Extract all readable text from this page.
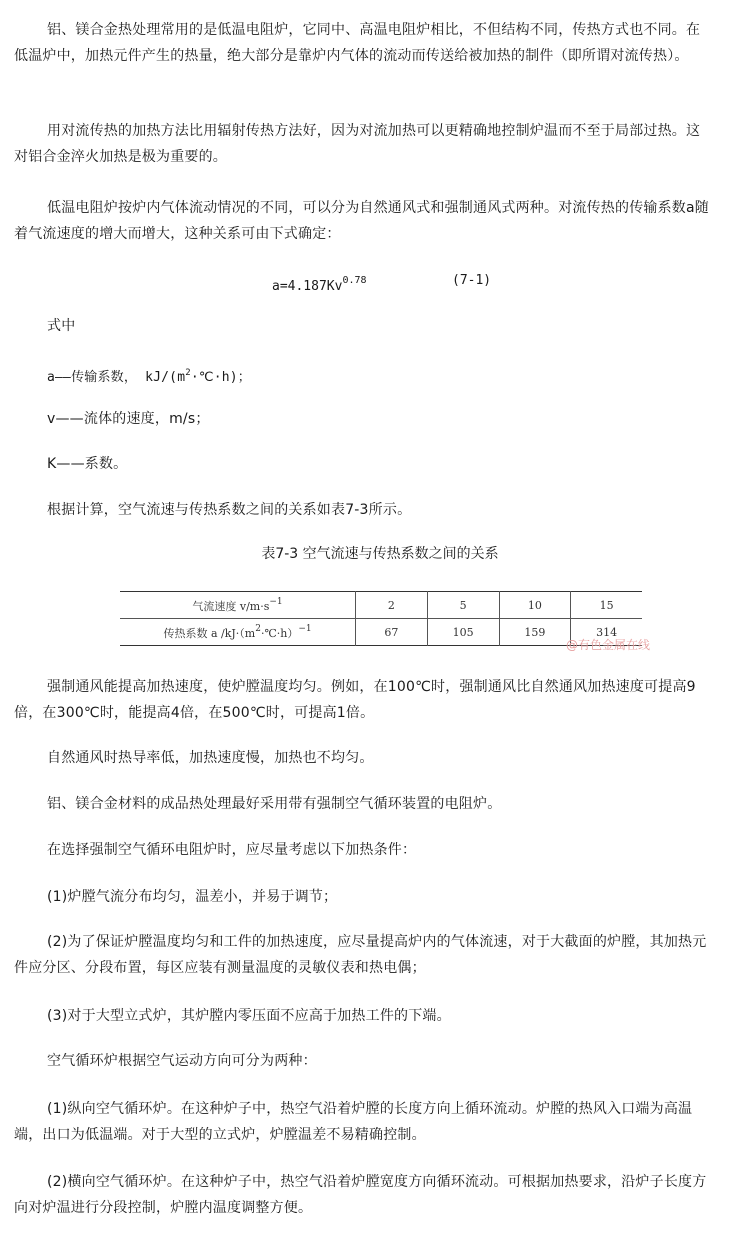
铝、镁合金热处理常用的是低温电阻炉，它同中、高温电阻炉相比，不但结构不同，传热方式也不同。在低温炉中，加热元件产生的热量，绝大部分是靠炉内气体的流动而传送给被加热的制件（即所谓对流传热）。

用对流传热的加热方法比用辐射传热方法好，因为对流加热可以更精确地控制炉温而不至于局部过热。这对铝合金淬火加热是极为重要的。

低温电阻炉按炉内气体流动情况的不同，可以分为自然通风式和强制通风式两种。对流传热的传输系数a随着气流速度的增大而增大，这种关系可由下式确定：

$a=4.187Kv^{0.78}$	(7-1)

式中

a——传输系数， $kJ/(m^2\cdot℃\cdot h)$；

v——流体的速度，m/s；

K——系数。

根据计算，空气流速与传热系数之间的关系如表7-3所示。

表7-3 空气流速与传热系数之间的关系
气流速度 $v/m\cdot s^{-1}$	2	5	10	15
传热系数 a $/kJ\cdot(m^2\cdot℃\cdot h)^{-1}$	67	105	159	314
@有色金属在线

强制通风能提高加热速度，使炉膛温度均匀。例如，在100℃时，强制通风比自然通风加热速度可提高9倍，在300℃时，能提高4倍，在500℃时，可提高1倍。

自然通风时热导率低，加热速度慢，加热也不均匀。

铝、镁合金材料的成品热处理最好采用带有强制空气循环装置的电阻炉。

在选择强制空气循环电阻炉时，应尽量考虑以下加热条件：

(1)炉膛气流分布均匀，温差小，并易于调节；

(2)为了保证炉膛温度均匀和工件的加热速度，应尽量提高炉内的气体流速，对于大截面的炉膛，其加热元件应分区、分段布置，每区应装有测量温度的灵敏仪表和热电偶；

(3)对于大型立式炉，其炉膛内零压面不应高于加热工件的下端。

空气循环炉根据空气运动方向可分为两种：

(1)纵向空气循环炉。在这种炉子中，热空气沿着炉膛的长度方向上循环流动。炉膛的热风入口端为高温端，出口为低温端。对于大型的立式炉，炉膛温差不易精确控制。

(2)横向空气循环炉。在这种炉子中，热空气沿着炉膛宽度方向循环流动。可根据加热要求，沿炉子长度方向对炉温进行分段控制，炉膛内温度调整方便。
